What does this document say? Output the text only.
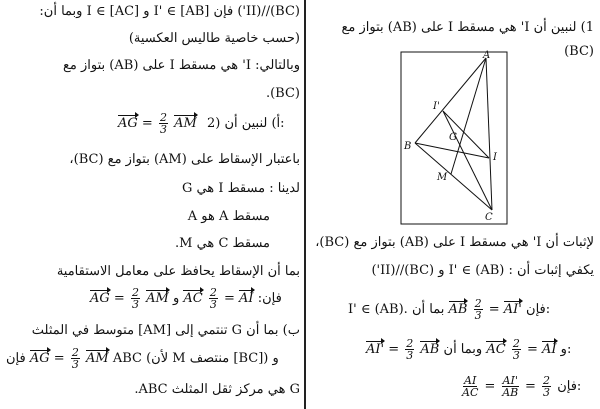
(BC)//(II') فإن I' ∈ [AB] و I ∈ [AC] وبما أن:
(حسب خاصية طاليس العكسية)
وبالتالي: I' هي مسقط I على (AB) بتواز مع
(BC).
AG = $\frac{2}{3}$ AM 2) أ) لنبين أن:
باعتبار الإسقاط على (AM) بتواز مع (BC)،
لدينا : مسقط I هي G
مسقط A هو A
مسقط C هي M.
بما أن الإسقاط يحافظ على معامل الاستقامية
AG = $\frac{2}{3}$ AM	فإن: AI =
$\frac{2}{3}$
AC و
ب) بما أن G تنتمي إلى [AM] متوسط في المثلث
فإن AG = $\frac{2}{3}$ AM ABC (لأن M منتصف [BC]) و
G هي مركز ثقل المثلث ABC.
1) لنبين أن I' هي مسقط I على (AB) بتواز مع
(BC)
A
B
C
I
I'
G
M
لإثبات أن I' هي مسقط I على (AB) بتواز مع (BC)،
يكفي إثبات أن : I' ∈ (AB) و (BC)//(II')
I' ∈ (AB).	فإن AI' =
$\frac{2}{3}$
AB بما أن:
$AI' = \frac{2}{3}$ AB	و AI =
$\frac{2}{3}$
AC وبما أن:
$\frac{AI}{AC} = \frac{AI'}{AB} = \frac{2}{3}$ فإن:
